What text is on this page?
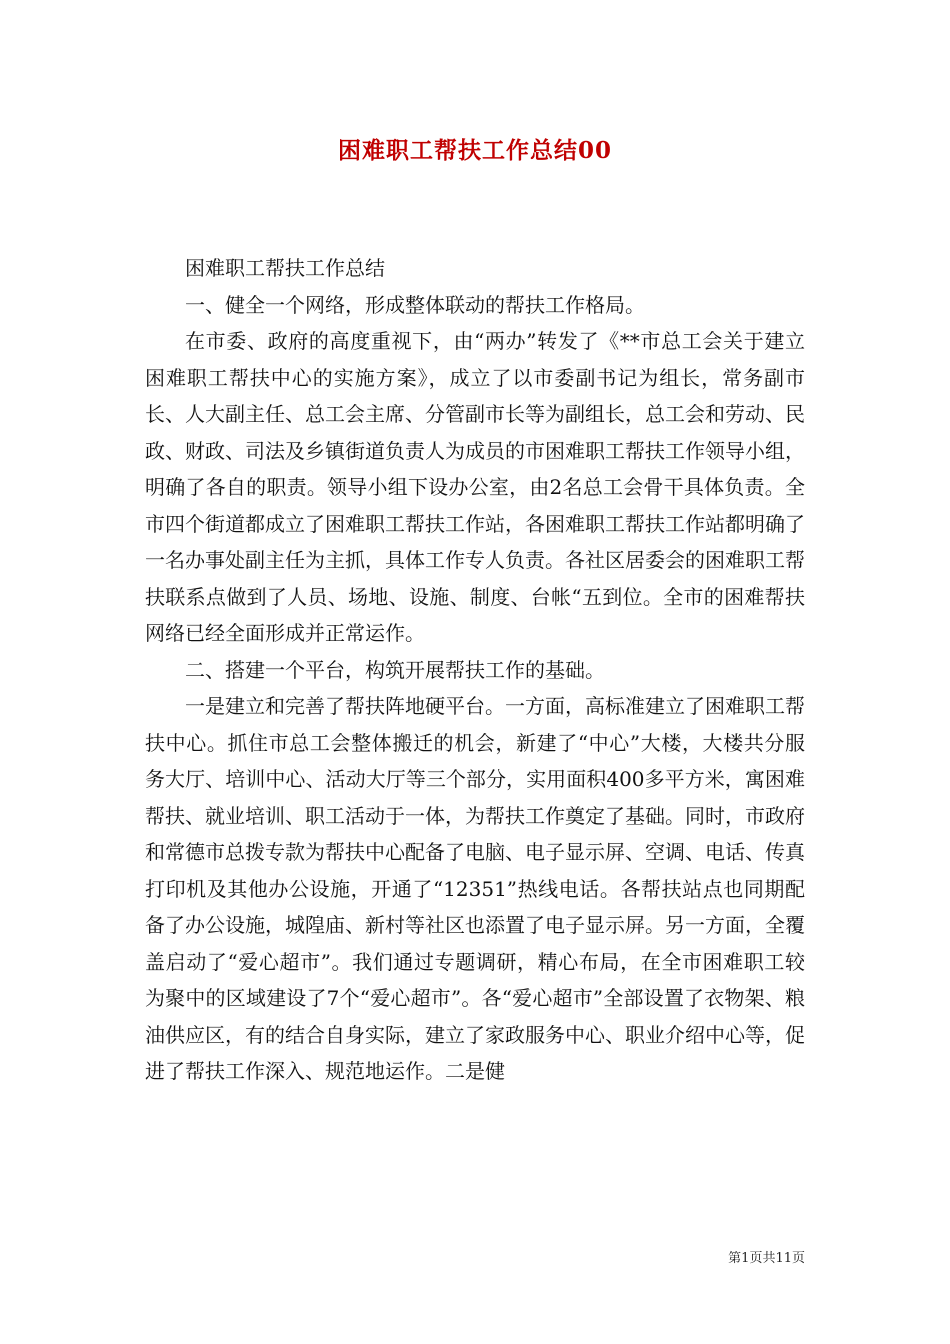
困难职工帮扶工作总结00

困难职工帮扶工作总结

一、健全一个网络，形成整体联动的帮扶工作格局。

在市委、政府的高度重视下，由“两办”转发了《**市总工会关于建立困难职工帮扶中心的实施方案》，成立了以市委副书记为组长，常务副市长、人大副主任、总工会主席、分管副市长等为副组长，总工会和劳动、民政、财政、司法及乡镇街道负责人为成员的市困难职工帮扶工作领导小组，明确了各自的职责。领导小组下设办公室，由2名总工会骨干具体负责。全市四个街道都成立了困难职工帮扶工作站，各困难职工帮扶工作站都明确了一名办事处副主任为主抓，具体工作专人负责。各社区居委会的困难职工帮扶联系点做到了人员、场地、设施、制度、台帐“五到位。全市的困难帮扶网络已经全面形成并正常运作。

二、搭建一个平台，构筑开展帮扶工作的基础。

一是建立和完善了帮扶阵地硬平台。一方面，高标准建立了困难职工帮扶中心。抓住市总工会整体搬迁的机会，新建了“中心”大楼，大楼共分服务大厅、培训中心、活动大厅等三个部分，实用面积400多平方米，寓困难帮扶、就业培训、职工活动于一体，为帮扶工作奠定了基础。同时，市政府和常德市总拨专款为帮扶中心配备了电脑、电子显示屏、空调、电话、传真打印机及其他办公设施，开通了“12351”热线电话。各帮扶站点也同期配备了办公设施，城隍庙、新村等社区也添置了电子显示屏。另一方面，全覆盖启动了“爱心超市”。我们通过专题调研，精心布局，在全市困难职工较为聚中的区域建设了7个“爱心超市”。各“爱心超市”全部设置了衣物架、粮油供应区，有的结合自身实际，建立了家政服务中心、职业介绍中心等，促进了帮扶工作深入、规范地运作。二是健

第1页共11页
